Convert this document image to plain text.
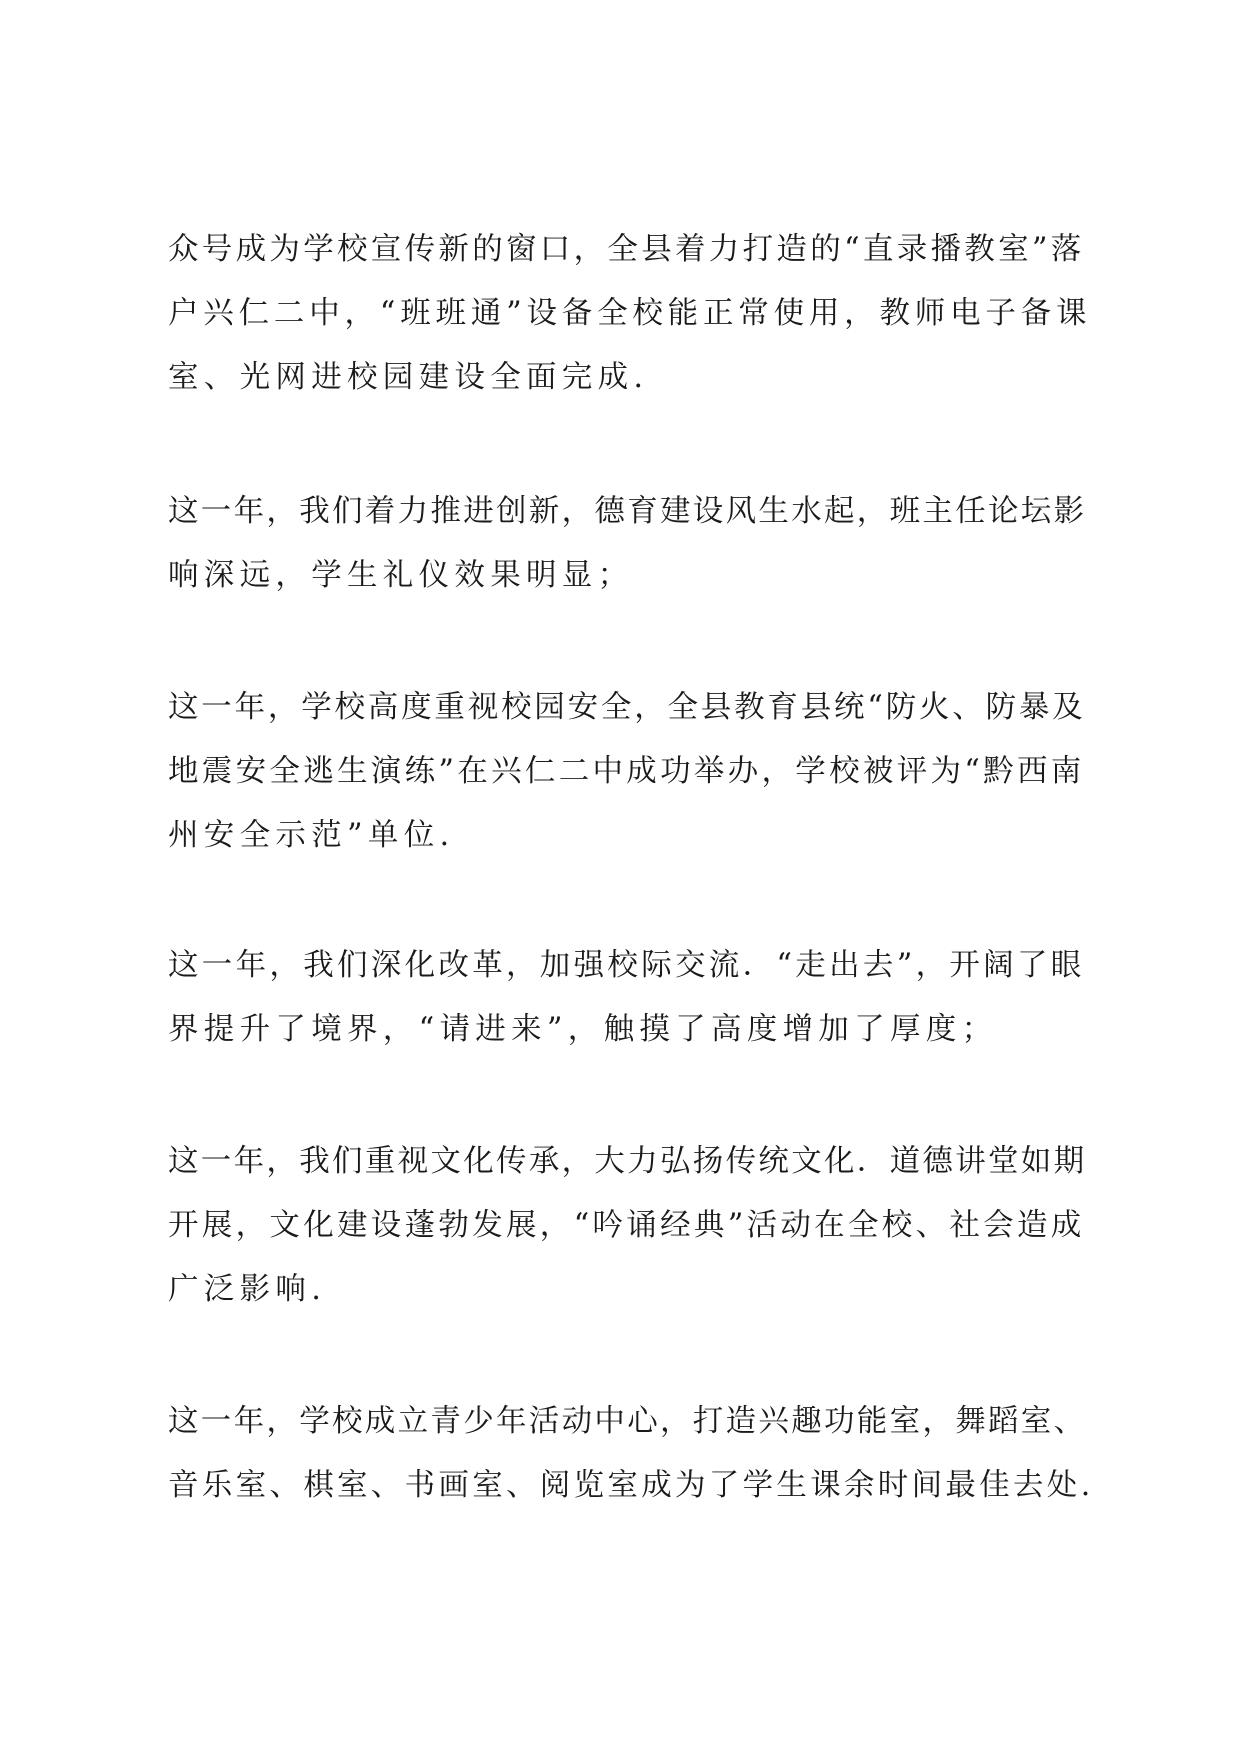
众号成为学校宣传新的窗口，全县着力打造的“直录播教室”落
户兴仁二中，“班班通”设备全校能正常使用，教师电子备课
室、光网进校园建设全面完成.

这一年，我们着力推进创新，德育建设风生水起，班主任论坛影
响深远，学生礼仪效果明显；

这一年，学校高度重视校园安全，全县教育县统“防火、防暴及
地震安全逃生演练”在兴仁二中成功举办，学校被评为“黔西南
州安全示范”单位.

这一年，我们深化改革，加强校际交流．“走出去”，开阔了眼
界提升了境界，“请进来”，触摸了高度增加了厚度；

这一年，我们重视文化传承，大力弘扬传统文化．道德讲堂如期
开展，文化建设蓬勃发展，“吟诵经典”活动在全校、社会造成
广泛影响.

这一年，学校成立青少年活动中心，打造兴趣功能室，舞蹈室、
音乐室、棋室、书画室、阅览室成为了学生课余时间最佳去处.
